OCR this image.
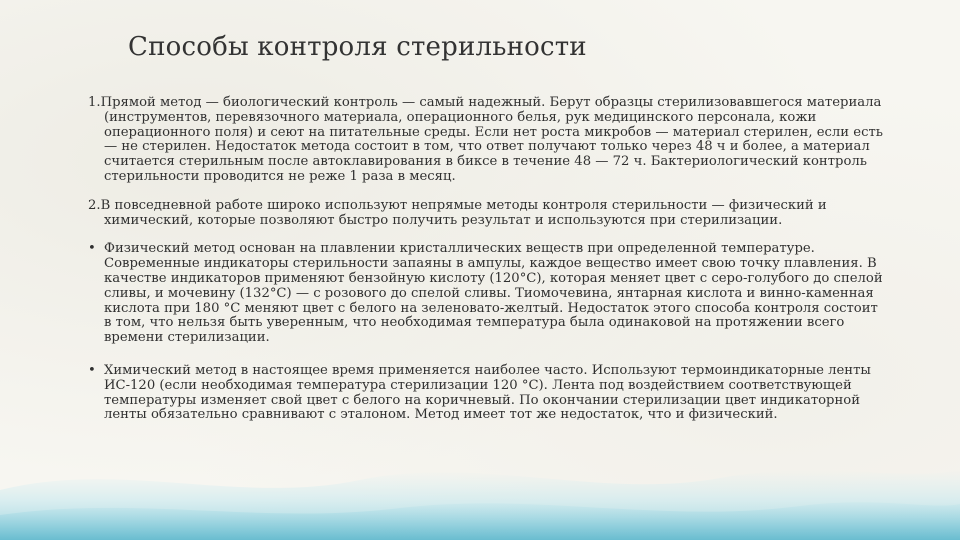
Способы контроля стерильности

1.Прямой метод — биологический контроль — самый надежный. Берут образцы стерилизовавшегося материала (инструментов, перевязочного материала, операционного белья, рук медицинского персонала, кожи операционного поля) и сеют на питательные среды. Если нет роста микробов — материал стерилен, если есть — не стерилен. Недостаток метода состоит в том, что ответ получают только через 48 ч и более, а материал считается стерильным после автоклавирования в биксе в течение 48 — 72 ч. Бактериологический контроль стерильности проводится не реже 1 раза в месяц.

2.В повседневной работе широко используют непрямые методы контроля стерильности — физический и химический, которые позволяют быстро получить результат и используются при стерилизации.

• Физический метод основан на плавлении кристаллических веществ при определенной температуре. Современные индикаторы стерильности запаяны в ампулы, каждое вещество имеет свою точку плавления. В качестве индикаторов применяют бензойную кислоту (120°С), которая меняет цвет с серо-голубого до спелой сливы, и мочевину (132°С) — с розового до спелой сливы. Тиомочевина, янтарная кислота и винно-каменная кислота при 180 °С меняют цвет с белого на зеленовато-желтый. Недостаток этого способа контроля состоит в том, что нельзя быть уверенным, что необходимая температура была одинаковой на протяжении всего времени стерилизации.

• Химический метод в настоящее время применяется наиболее часто. Используют термоиндикаторные ленты ИС-120 (если необходимая температура стерилизации 120 °С). Лента под воздействием соответствующей температуры изменяет свой цвет с белого на коричневый. По окончании стерилизации цвет индикаторной ленты обязательно сравнивают с эталоном. Метод имеет тот же недостаток, что и физический.
